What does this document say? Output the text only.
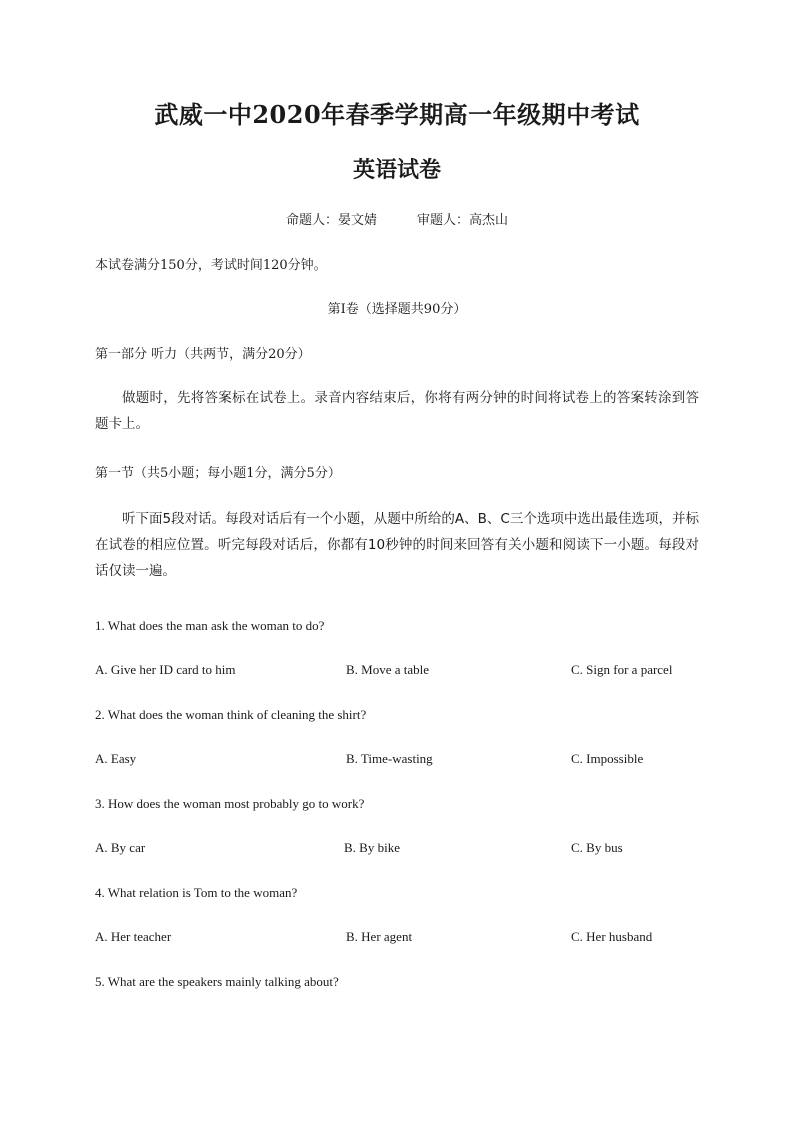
武威一中2020年春季学期高一年级期中考试
英语试卷
命题人：晏文婧	审题人：高杰山
本试卷满分150分，考试时间120分钟。
第Ⅰ卷（选择题共90分）
第一部分 听力（共两节，满分20分）
做题时，先将答案标在试卷上。录音内容结束后，你将有两分钟的时间将试卷上的答案转涂到答题卡上。
第一节（共5小题；每小题1分，满分5分）
听下面5段对话。每段对话后有一个小题，从题中所给的A、B、C三个选项中选出最佳选项，并标在试卷的相应位置。听完每段对话后，你都有10秒钟的时间来回答有关小题和阅读下一小题。每段对话仅读一遍。
1. What does the man ask the woman to do?
A. Give her ID card to him	B. Move a table	C. Sign for a parcel
2. What does the woman think of cleaning the shirt?
A. Easy	B. Time-wasting	C. Impossible
3. How does the woman most probably go to work?
A. By car	B. By bike	C. By bus
4. What relation is Tom to the woman?
A. Her teacher	B. Her agent	C. Her husband
5. What are the speakers mainly talking about?
